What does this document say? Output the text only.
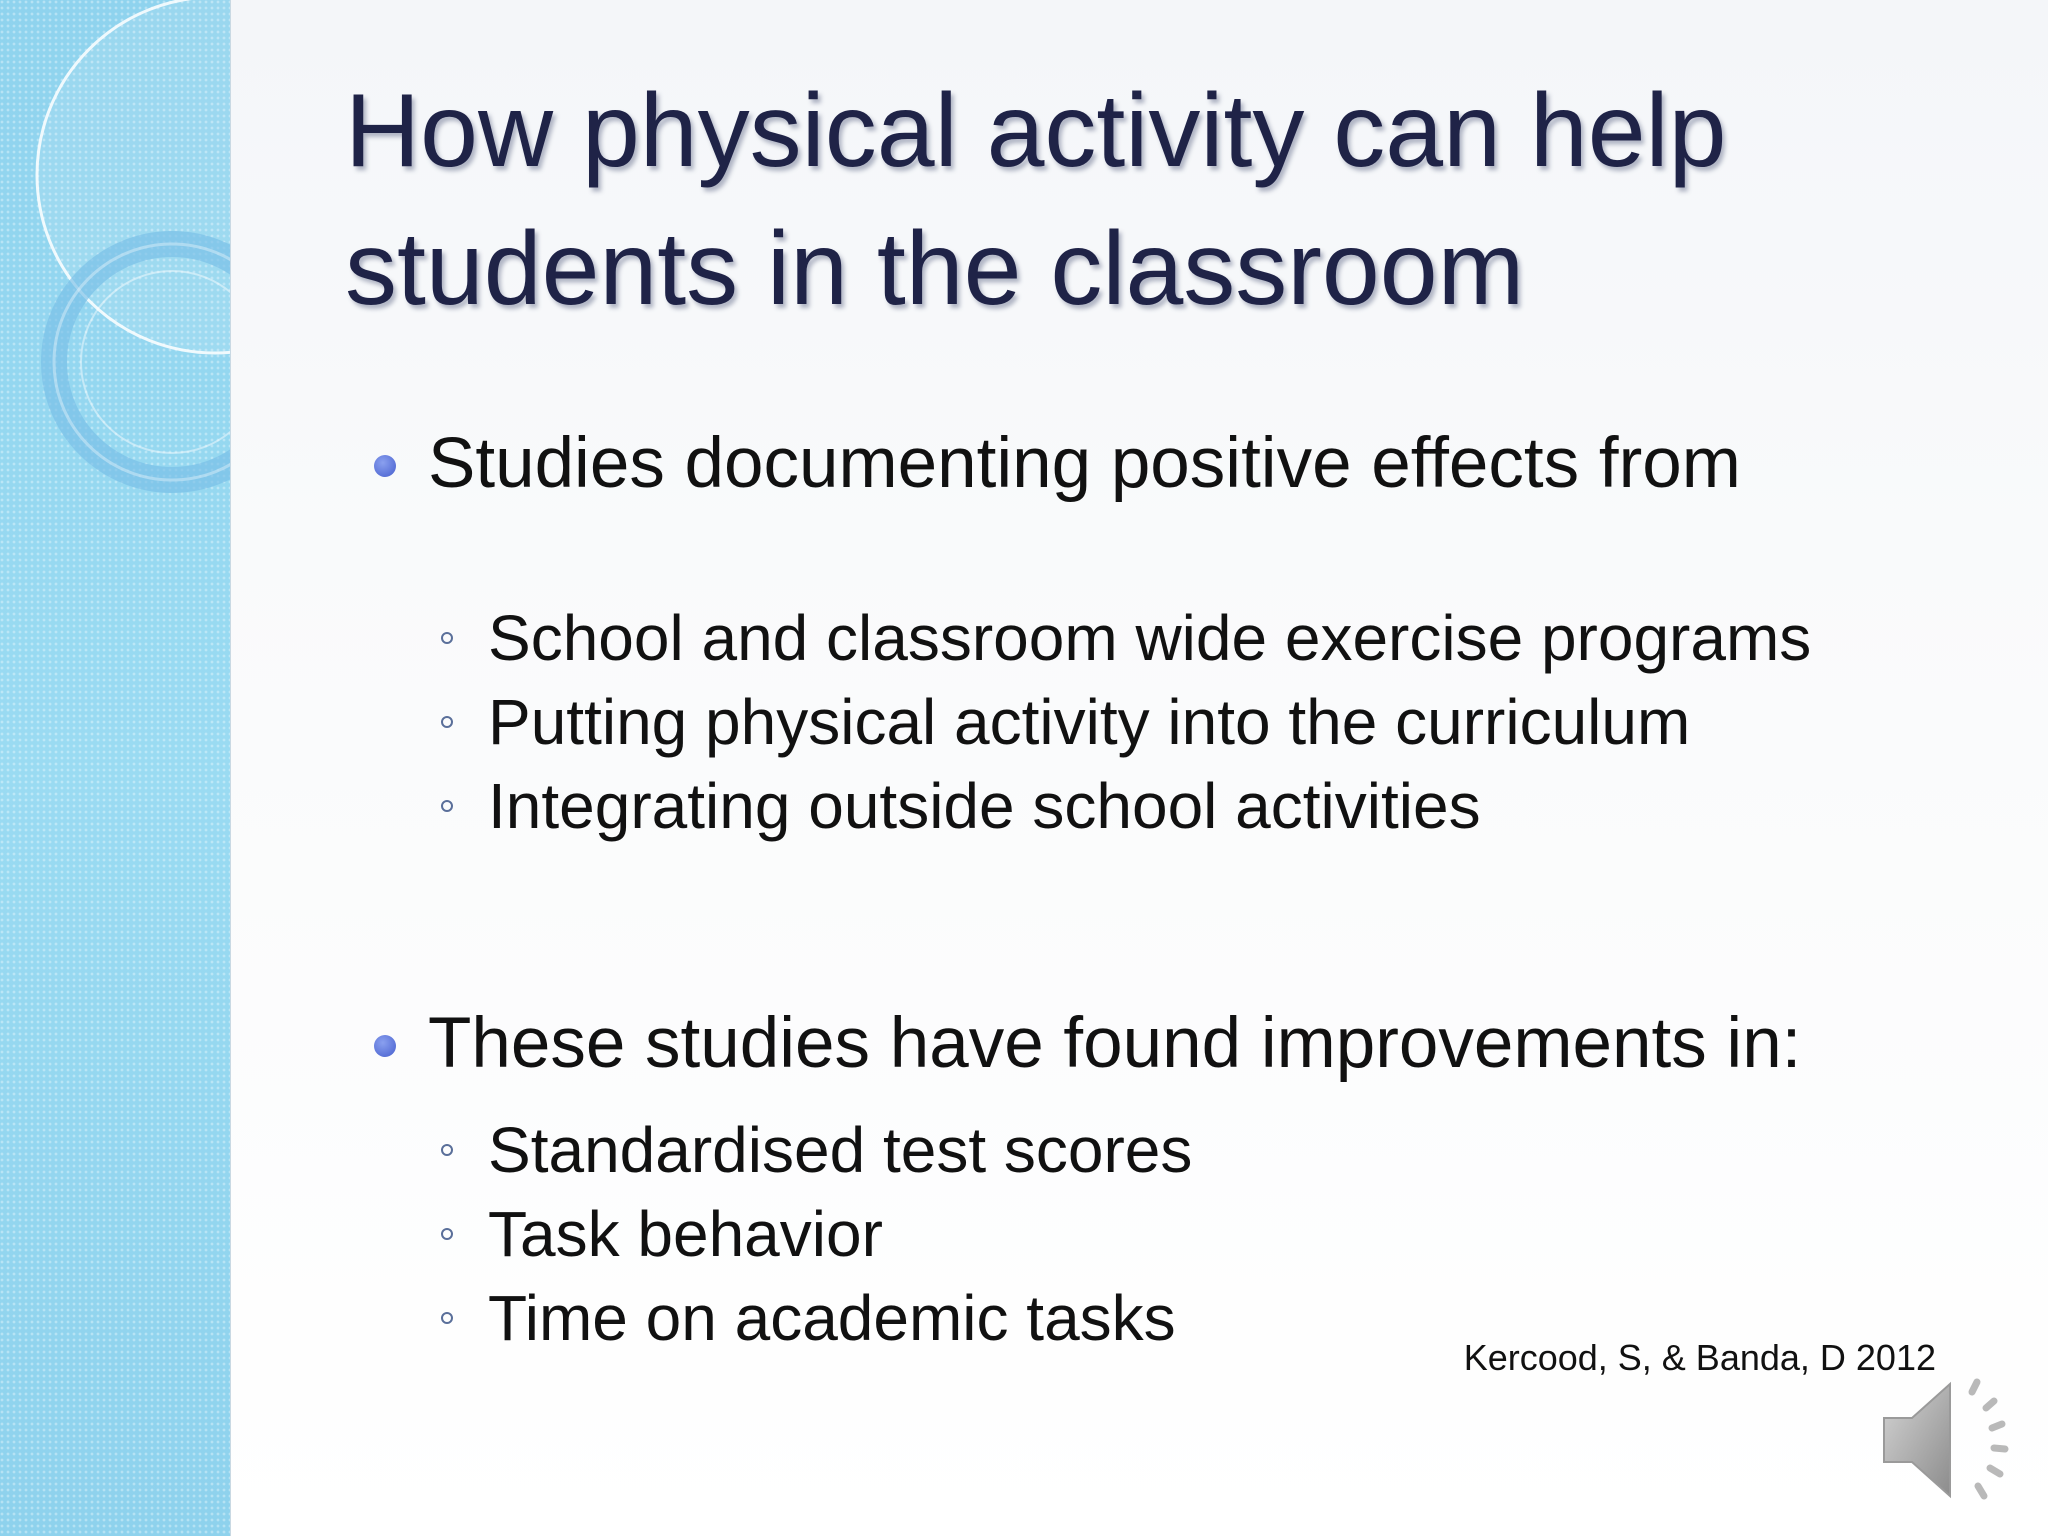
How physical activity can help students in the classroom

Studies documenting positive effects from

School and classroom wide exercise programs

Putting physical activity into the curriculum

Integrating outside school activities

These studies have found improvements in:

Standardised test scores

Task behavior

Time on academic tasks

Kercood, S, & Banda, D 2012
